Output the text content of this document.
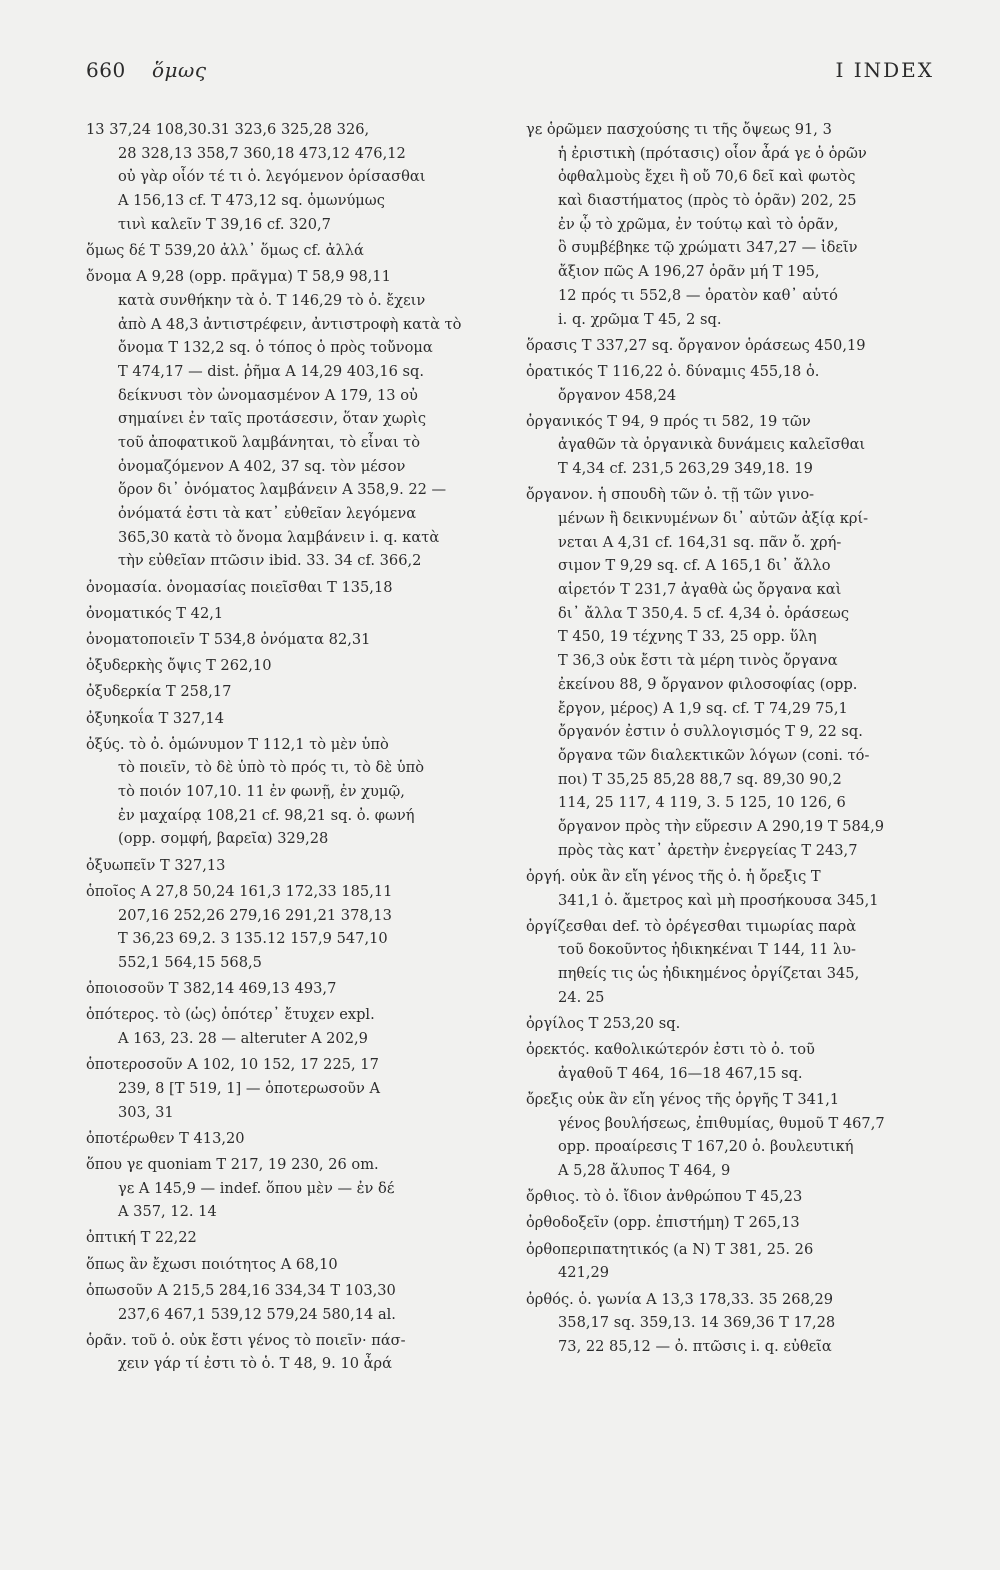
660 ὅμως	I INDEX
13 37,24 108,30.31 323,6 325,28 326,
28 328,13 358,7 360,18 473,12 476,12
οὐ γὰρ οἷόν τέ τι ὁ. λεγόμενον ὁρίσασθαι
Α 156,13 cf. Τ 473,12 sq. ὁμωνύμως
τινὶ καλεῖν Τ 39,16 cf. 320,7
ὅμως δέ Τ 539,20 ἀλλ᾽ ὅμως cf. ἀλλά
ὄνομα Α 9,28 (opp. πρᾶγμα) Τ 58,9 98,11
κατὰ συνθήκην τὰ ὀ. Τ 146,29 τὸ ὀ. ἔχειν
ἀπὸ Α 48,3 ἀντιστρέφειν, ἀντιστροφὴ κατὰ τὸ
ὄνομα Τ 132,2 sq. ὁ τόπος ὁ πρὸς τοὔνομα
Τ 474,17 — dist. ῥῆμα Α 14,29 403,16 sq.
δείκνυσι τὸν ὠνομασμένον Α 179, 13 οὐ
σημαίνει ἐν ταῖς προτάσεσιν, ὅταν χωρὶς
τοῦ ἀποφατικοῦ λαμβάνηται, τὸ εἶναι τὸ
ὀνομαζόμενον Α 402, 37 sq. τὸν μέσον
ὅρον δι᾽ ὀνόματος λαμβάνειν Α 358,9. 22 —
ὀνόματά ἐστι τὰ κατ᾽ εὐθεῖαν λεγόμενα
365,30 κατὰ τὸ ὄνομα λαμβάνειν i. q. κατὰ
τὴν εὐθεῖαν πτῶσιν ibid. 33. 34 cf. 366,2
ὀνομασία. ὀνομασίας ποιεῖσθαι Τ 135,18
ὀνοματικός Τ 42,1
ὀνοματοποιεῖν Τ 534,8 ὀνόματα 82,31
ὀξυδερκὴς ὄψις Τ 262,10
ὀξυδερκία Τ 258,17
ὀξυηκοΐα Τ 327,14
ὀξύς. τὸ ὀ. ὁμώνυμον Τ 112,1 τὸ μὲν ὑπὸ
τὸ ποιεῖν, τὸ δὲ ὑπὸ τὸ πρός τι, τὸ δὲ ὑπὸ
τὸ ποιόν 107,10. 11 ἐν φωνῇ, ἐν χυμῷ,
ἐν μαχαίρᾳ 108,21 cf. 98,21 sq. ὀ. φωνή
(opp. σομφή, βαρεῖα) 329,28
ὀξυωπεῖν Τ 327,13
ὁποῖος Α 27,8 50,24 161,3 172,33 185,11
207,16 252,26 279,16 291,21 378,13
Τ 36,23 69,2. 3 135.12 157,9 547,10
552,1 564,15 568,5
ὁποιοσοῦν Τ 382,14 469,13 493,7
ὁπότερος. τὸ (ὡς) ὁπότερ᾽ ἔτυχεν expl.
Α 163, 23. 28 — alteruter Α 202,9
ὁποτεροσοῦν Α 102, 10 152, 17 225, 17
239, 8 [Τ 519, 1] — ὁποτερωσοῦν Α
303, 31
ὁποτέρωθεν Τ 413,20
ὅπου γε quoniam Τ 217, 19 230, 26 om.
γε Α 145,9 — indef. ὅπου μὲν — ἐν δέ
Α 357, 12. 14
ὀπτική Τ 22,22
ὅπως ἂν ἔχωσι ποιότητος Α 68,10
ὁπωσοῦν Α 215,5 284,16 334,34 Τ 103,30
237,6 467,1 539,12 579,24 580,14 al.
ὁρᾶν. τοῦ ὁ. οὐκ ἔστι γένος τὸ ποιεῖν· πάσ-
χειν γάρ τί ἐστι τὸ ὁ. Τ 48, 9. 10 ἆρά
γε ὁρῶμεν πασχούσης τι τῆς ὄψεως 91, 3
ἡ ἐριστικὴ (πρότασις) οἷον ἆρά γε ὁ ὁρῶν
ὀφθαλμοὺς ἔχει ἢ οὔ 70,6 δεῖ καὶ φωτὸς
καὶ διαστήματος (πρὸς τὸ ὁρᾶν) 202, 25
ἐν ᾧ τὸ χρῶμα, ἐν τούτῳ καὶ τὸ ὁρᾶν,
ὃ συμβέβηκε τῷ χρώματι 347,27 — ἰδεῖν
ἄξιον πῶς Α 196,27 ὁρᾶν μή Τ 195,
12 πρός τι 552,8 — ὁρατὸν καθ᾽ αὑτό
i. q. χρῶμα Τ 45, 2 sq.
ὅρασις Τ 337,27 sq. ὄργανον ὁράσεως 450,19
ὁρατικός Τ 116,22 ὁ. δύναμις 455,18 ὁ.
ὄργανον 458,24
ὀργανικός Τ 94, 9 πρός τι 582, 19 τῶν
ἀγαθῶν τὰ ὀργανικὰ δυνάμεις καλεῖσθαι
Τ 4,34 cf. 231,5 263,29 349,18. 19
ὄργανον. ἡ σπουδὴ τῶν ὀ. τῇ τῶν γινο-
μένων ἢ δεικνυμένων δι᾽ αὐτῶν ἀξίᾳ κρί-
νεται Α 4,31 cf. 164,31 sq. πᾶν ὄ. χρή-
σιμον Τ 9,29 sq. cf. Α 165,1 δι᾽ ἄλλο
αἱρετόν Τ 231,7 ἀγαθὰ ὡς ὄργανα καὶ
δι᾽ ἄλλα Τ 350,4. 5 cf. 4,34 ὀ. ὁράσεως
Τ 450, 19 τέχνης Τ 33, 25 opp. ὕλη
Τ 36,3 οὐκ ἔστι τὰ μέρη τινὸς ὄργανα
ἐκείνου 88, 9 ὄργανον φιλοσοφίας (opp.
ἔργον, μέρος) Α 1,9 sq. cf. Τ 74,29 75,1
ὄργανόν ἐστιν ὁ συλλογισμός Τ 9, 22 sq.
ὄργανα τῶν διαλεκτικῶν λόγων (coni. τό-
ποι) Τ 35,25 85,28 88,7 sq. 89,30 90,2
114, 25 117, 4 119, 3. 5 125, 10 126, 6
ὄργανον πρὸς τὴν εὕρεσιν Α 290,19 Τ 584,9
πρὸς τὰς κατ᾽ ἀρετὴν ἐνεργείας Τ 243,7
ὀργή. οὐκ ἂν εἴη γένος τῆς ὀ. ἡ ὄρεξις Τ
341,1 ὀ. ἄμετρος καὶ μὴ προσήκουσα 345,1
ὀργίζεσθαι def. τὸ ὀρέγεσθαι τιμωρίας παρὰ
τοῦ δοκοῦντος ἠδικηκέναι Τ 144, 11 λυ-
πηθείς τις ὡς ἠδικημένος ὀργίζεται 345,
24. 25
ὀργίλος Τ 253,20 sq.
ὀρεκτός. καθολικώτερόν ἐστι τὸ ὀ. τοῦ
ἀγαθοῦ Τ 464, 16—18 467,15 sq.
ὄρεξις οὐκ ἂν εἴη γένος τῆς ὀργῆς Τ 341,1
γένος βουλήσεως, ἐπιθυμίας, θυμοῦ Τ 467,7
opp. προαίρεσις Τ 167,20 ὀ. βουλευτική
Α 5,28 ἄλυπος Τ 464, 9
ὄρθιος. τὸ ὀ. ἴδιον ἀνθρώπου Τ 45,23
ὀρθοδοξεῖν (opp. ἐπιστήμη) Τ 265,13
ὀρθοπεριπατητικός (a N) Τ 381, 25. 26
421,29
ὀρθός. ὁ. γωνία Α 13,3 178,33. 35 268,29
358,17 sq. 359,13. 14 369,36 Τ 17,28
73, 22 85,12 — ὀ. πτῶσις i. q. εὐθεῖα
